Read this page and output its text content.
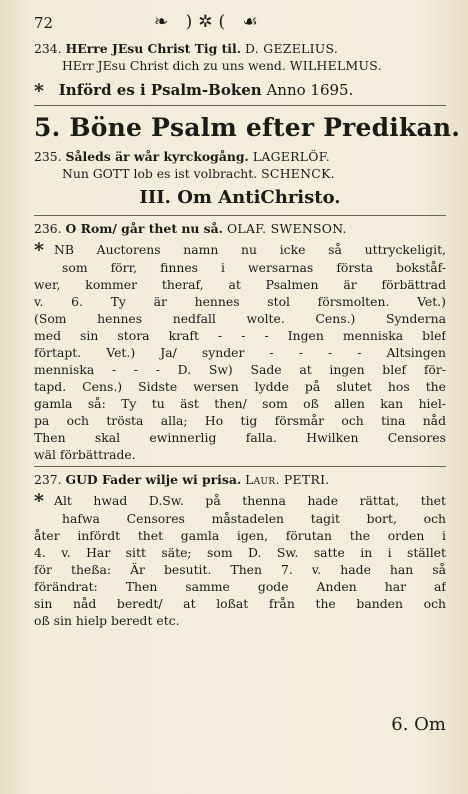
72	❧ )✲( ☙
234. HErre JEsu Christ Tig til. D. GEZELIUS.
HErr JEsu Christ dich zu uns wend. WILHELMUS.
* Införd es i Psalm-Boken Anno 1695.
5. Böne Psalm efter Predikan.
235. Såleds är wår kyrckogång. LAGERLÖF.
Nun GOTT lob es ist volbracht. SCHENCK.
III. Om AntiChristo.
236. O Rom/ går thet nu så. OLAF. SWENSON.
* NB Auctorens namn nu icke så uttryckeligit,
som förr, finnes i wersarnas första bokståf-
wer, kommer theraf, at Psalmen är förbättrad
v. 6. Ty är hennes stol försmolten. Vet.)
(Som hennes nedfall wolte. Cens.) Synderna
med sin stora kraft - - - Ingen menniska blef
förtapt. Vet.) Ja/ synder - - - - Altsingen
menniska - - - D. Sw) Sade at ingen blef för-
tapd. Cens.) Sidste wersen lydde på slutet hos the
gamla så: Ty tu äst then/ som oß allen kan hiel-
pa och trösta alla; Ho tig försmår och tina nåd
Then skal ewinnerlig falla. Hwilken Censores
wäl förbättrade.
237. GUD Fader wilje wi prisa. Laur. PETRI.
* Alt hwad D.Sw. på thenna hade rättat, thet
hafwa Censores måstadelen tagit bort, och
åter infördt thet gamla igen, förutan the orden i
4. v. Har sitt säte; som D. Sw. satte in i stället
för theßa: Är besutit. Then 7. v. hade han så
förändrat: Then samme gode Anden har af
sin nåd beredt/ at loßat från the banden och
oß sin hielp beredt etc.
6. Om
